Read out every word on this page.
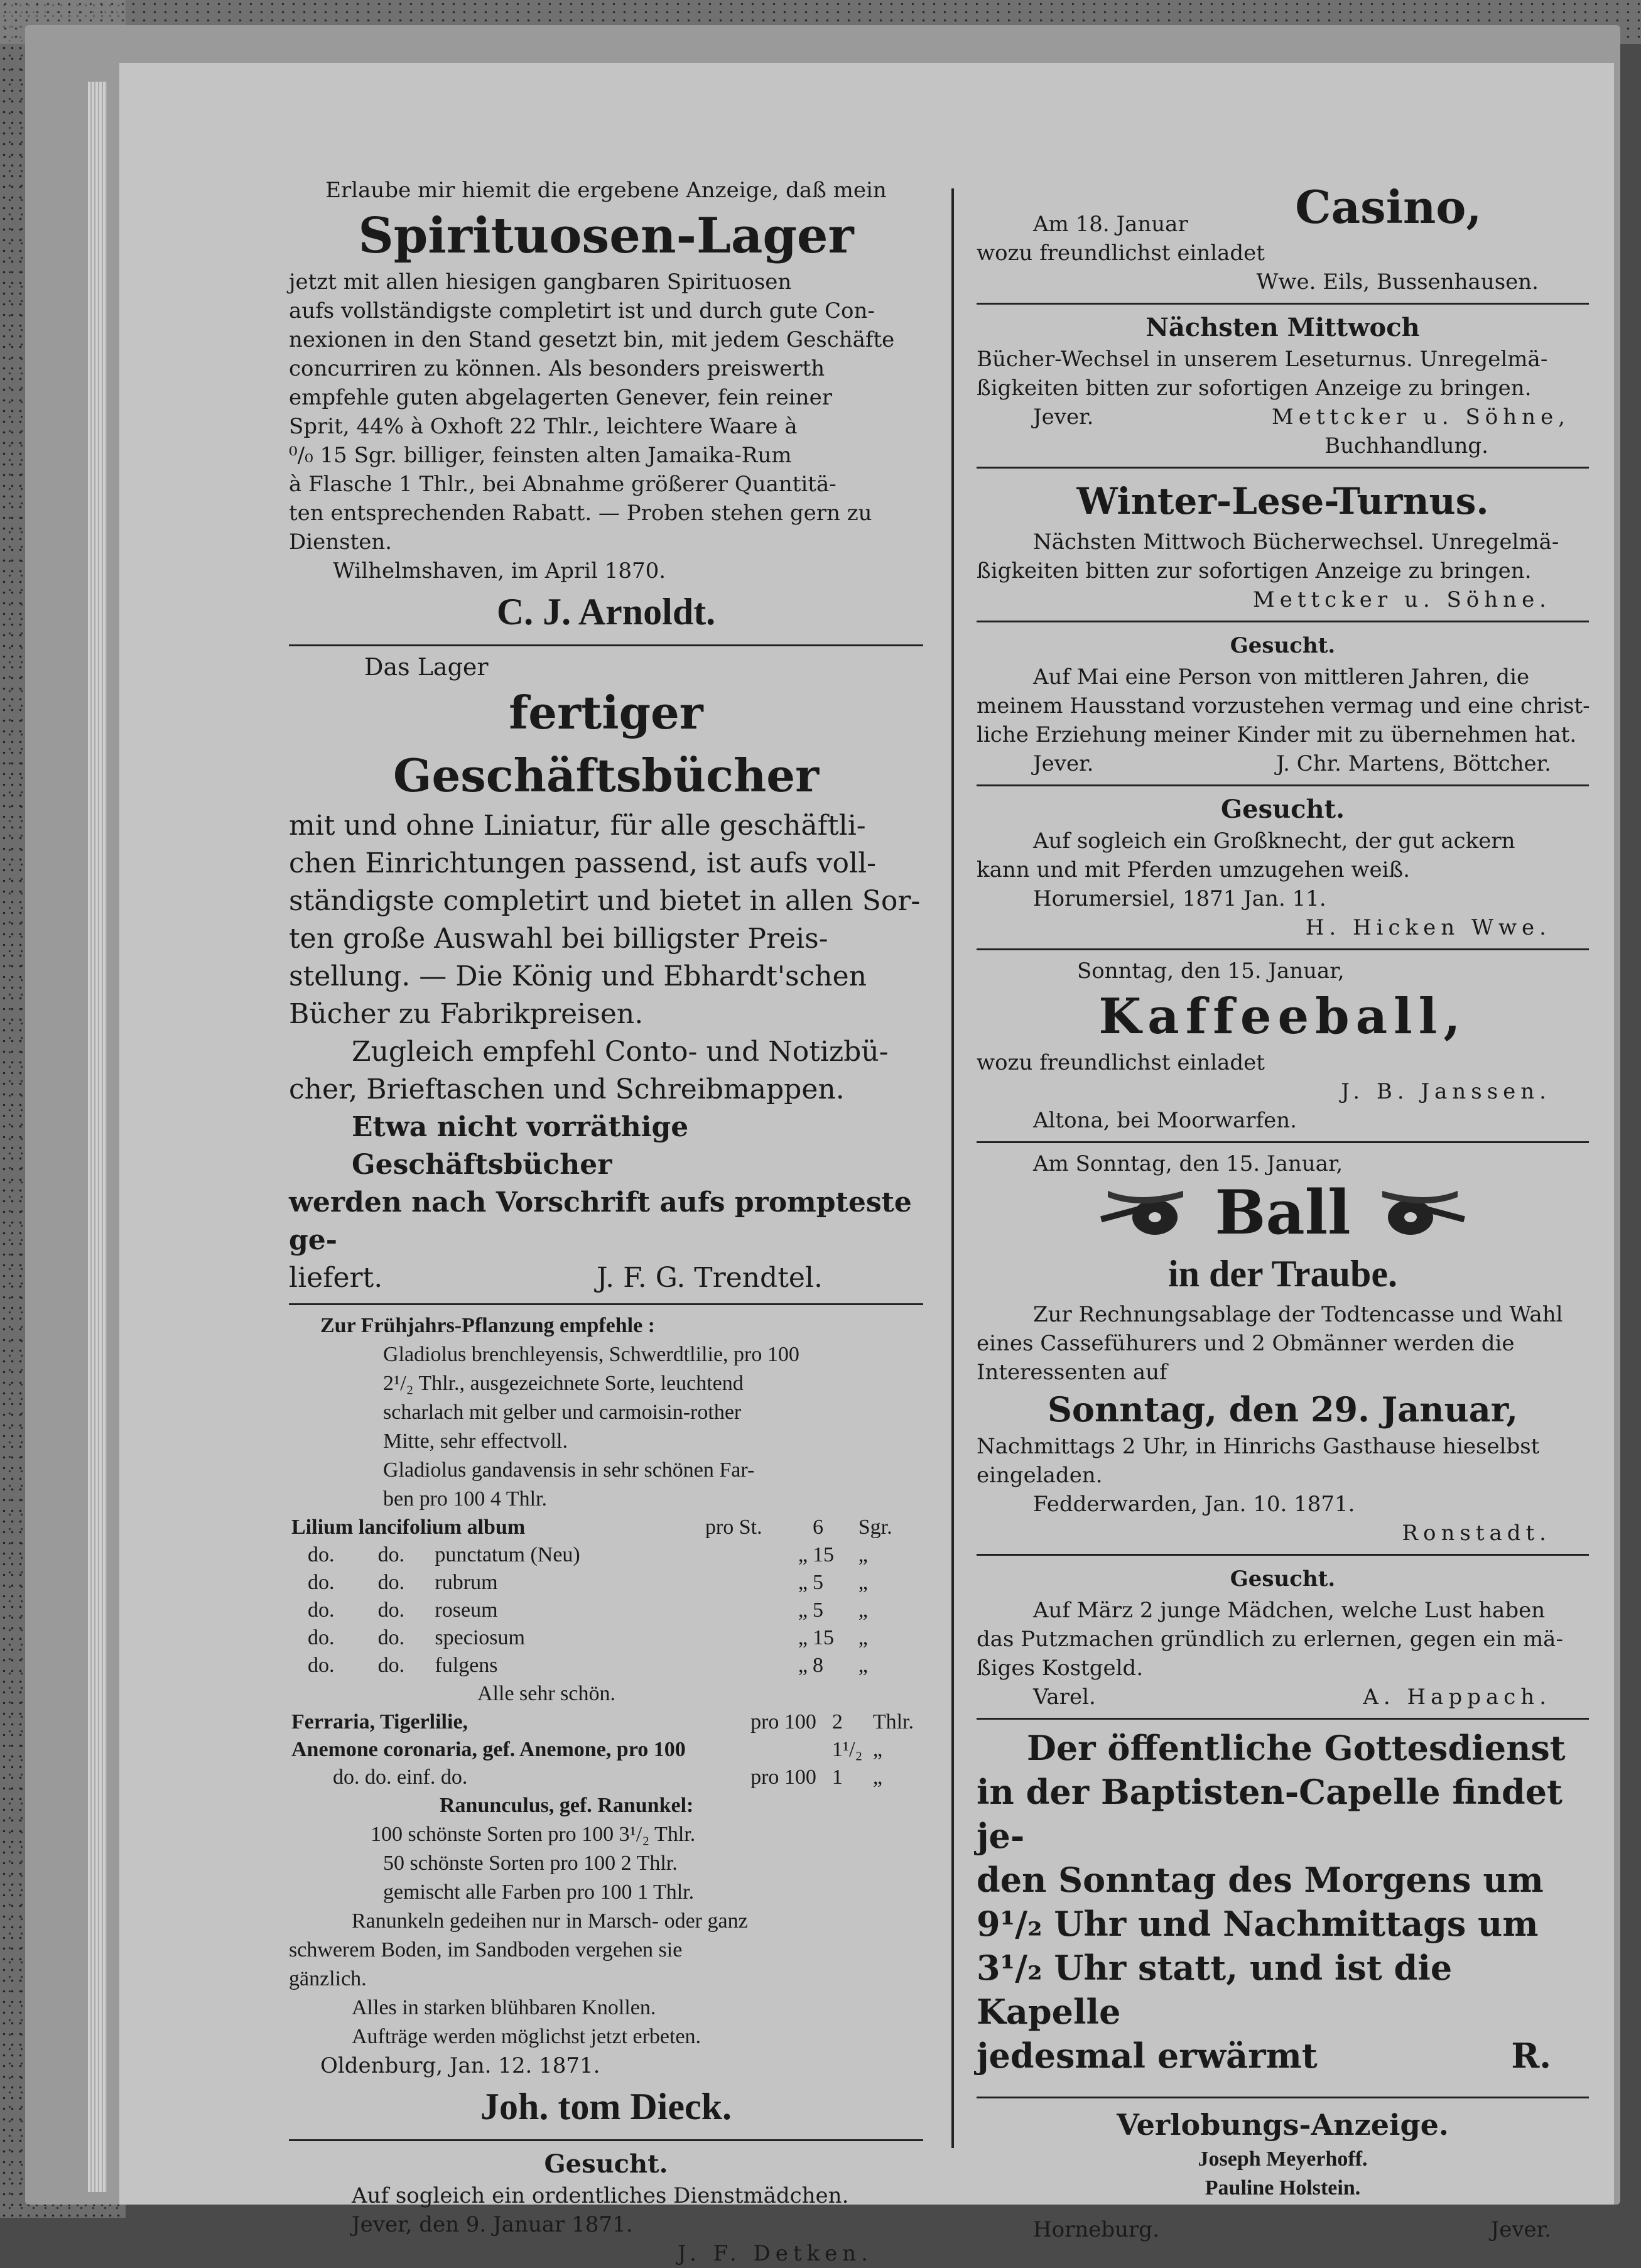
Erlaube mir hiemit die ergebene Anzeige, daß mein
Spirituosen-Lager
jetzt mit allen hiesigen gangbaren Spirituosen
aufs vollständigste completirt ist und durch gute Con-
nexionen in den Stand gesetzt bin, mit jedem Geschäfte
concurriren zu können. Als besonders preiswerth
empfehle guten abgelagerten Genever, fein reiner
Sprit, 44% à Oxhoft 22 Thlr., leichtere Waare à
⁰/₀ 15 Sgr. billiger, feinsten alten Jamaika-Rum
à Flasche 1 Thlr., bei Abnahme größerer Quantitä-
ten entsprechenden Rabatt. — Proben stehen gern zu
Diensten.
Wilhelmshaven, im April 1870.
C. J. Arnoldt.
Das Lager
fertiger Geschäftsbücher
mit und ohne Liniatur, für alle geschäftli-
chen Einrichtungen passend, ist aufs voll-
ständigste completirt und bietet in allen Sor-
ten große Auswahl bei billigster Preis-
stellung. — Die König und Ebhardt'schen
Bücher zu Fabrikpreisen.
Zugleich empfehl Conto- und Notizbü-
cher, Brieftaschen und Schreibmappen.
Etwa nicht vorräthige Geschäftsbücher
werden nach Vorschrift aufs prompteste ge-
liefert.	J. F. G. Trendtel.
Zur Frühjahrs-Pflanzung empfehle :
Gladiolus brenchleyensis, Schwerdtlilie, pro 100
2¹/₂ Thlr., ausgezeichnete Sorte, leuchtend
scharlach mit gelber und carmoisin-rother
Mitte, sehr effectvoll.
Gladiolus gandavensis in sehr schönen Far-
ben pro 100 4 Thlr.
Lilium lancifolium album			pro St.	6	Sgr.
do.	do.	punctatum (Neu)	„	15	„
do.	do.	rubrum	„	5	„
do.	do.	roseum	„	5	„
do.	do.	speciosum	„	15	„
do.	do.	fulgens	„	8	„
Alle sehr schön.
Ferraria, Tigerlilie,	pro 100	2	Thlr.
Anemone coronaria, gef. Anemone, pro 100		1¹/₂	„
do. do. einf. do.	pro 100	1	„
Ranunculus, gef. Ranunkel:
100 schönste Sorten pro 100 3¹/₂ Thlr.
50 schönste Sorten pro 100 2 Thlr.
gemischt alle Farben pro 100 1 Thlr.
Ranunkeln gedeihen nur in Marsch- oder ganz
schwerem Boden, im Sandboden vergehen sie
gänzlich.
Alles in starken blühbaren Knollen.
Aufträge werden möglichst jetzt erbeten.
Oldenburg, Jan. 12. 1871.
Joh. tom Dieck.
Gesucht.
Auf sogleich ein ordentliches Dienstmädchen.
Jever, den 9. Januar 1871.
J. F. Detken.
Am 18. Januar	Casino,
wozu freundlichst einladet
Wwe. Eils, Bussenhausen.
Nächsten Mittwoch
Bücher-Wechsel in unserem Leseturnus. Unregelmä-
ßigkeiten bitten zur sofortigen Anzeige zu bringen.
Jever.	Mettcker u. Söhne,
Buchhandlung.
Winter-Lese-Turnus.
Nächsten Mittwoch Bücherwechsel. Unregelmä-
ßigkeiten bitten zur sofortigen Anzeige zu bringen.
Mettcker u. Söhne.
Gesucht.
Auf Mai eine Person von mittleren Jahren, die
meinem Hausstand vorzustehen vermag und eine christ-
liche Erziehung meiner Kinder mit zu übernehmen hat.
Jever.	J. Chr. Martens, Böttcher.
Gesucht.
Auf sogleich ein Großknecht, der gut ackern
kann und mit Pferden umzugehen weiß.
Horumersiel, 1871 Jan. 11.
H. Hicken Wwe.
Sonntag, den 15. Januar,
Kaffeeball,
wozu freundlichst einladet
J. B. Janssen.
Altona, bei Moorwarfen.
Am Sonntag, den 15. Januar,
Ball
in der Traube.
Zur Rechnungsablage der Todtencasse und Wahl
eines Cassefühurers und 2 Obmänner werden die
Interessenten auf
Sonntag, den 29. Januar,
Nachmittags 2 Uhr, in Hinrichs Gasthause hieselbst
eingeladen.
Fedderwarden, Jan. 10. 1871.
Ronstadt.
Gesucht.
Auf März 2 junge Mädchen, welche Lust haben
das Putzmachen gründlich zu erlernen, gegen ein mä-
ßiges Kostgeld.
Varel.	A. Happach.
Der öffentliche Gottesdienst
in der Baptisten-Capelle findet je-
den Sonntag des Morgens um
9¹/₂ Uhr und Nachmittags um
3¹/₂ Uhr statt, und ist die Kapelle
jedesmal erwärmt	R.
Verlobungs-Anzeige.
Joseph Meyerhoff.
Pauline Holstein.
Horneburg.	Jever.
